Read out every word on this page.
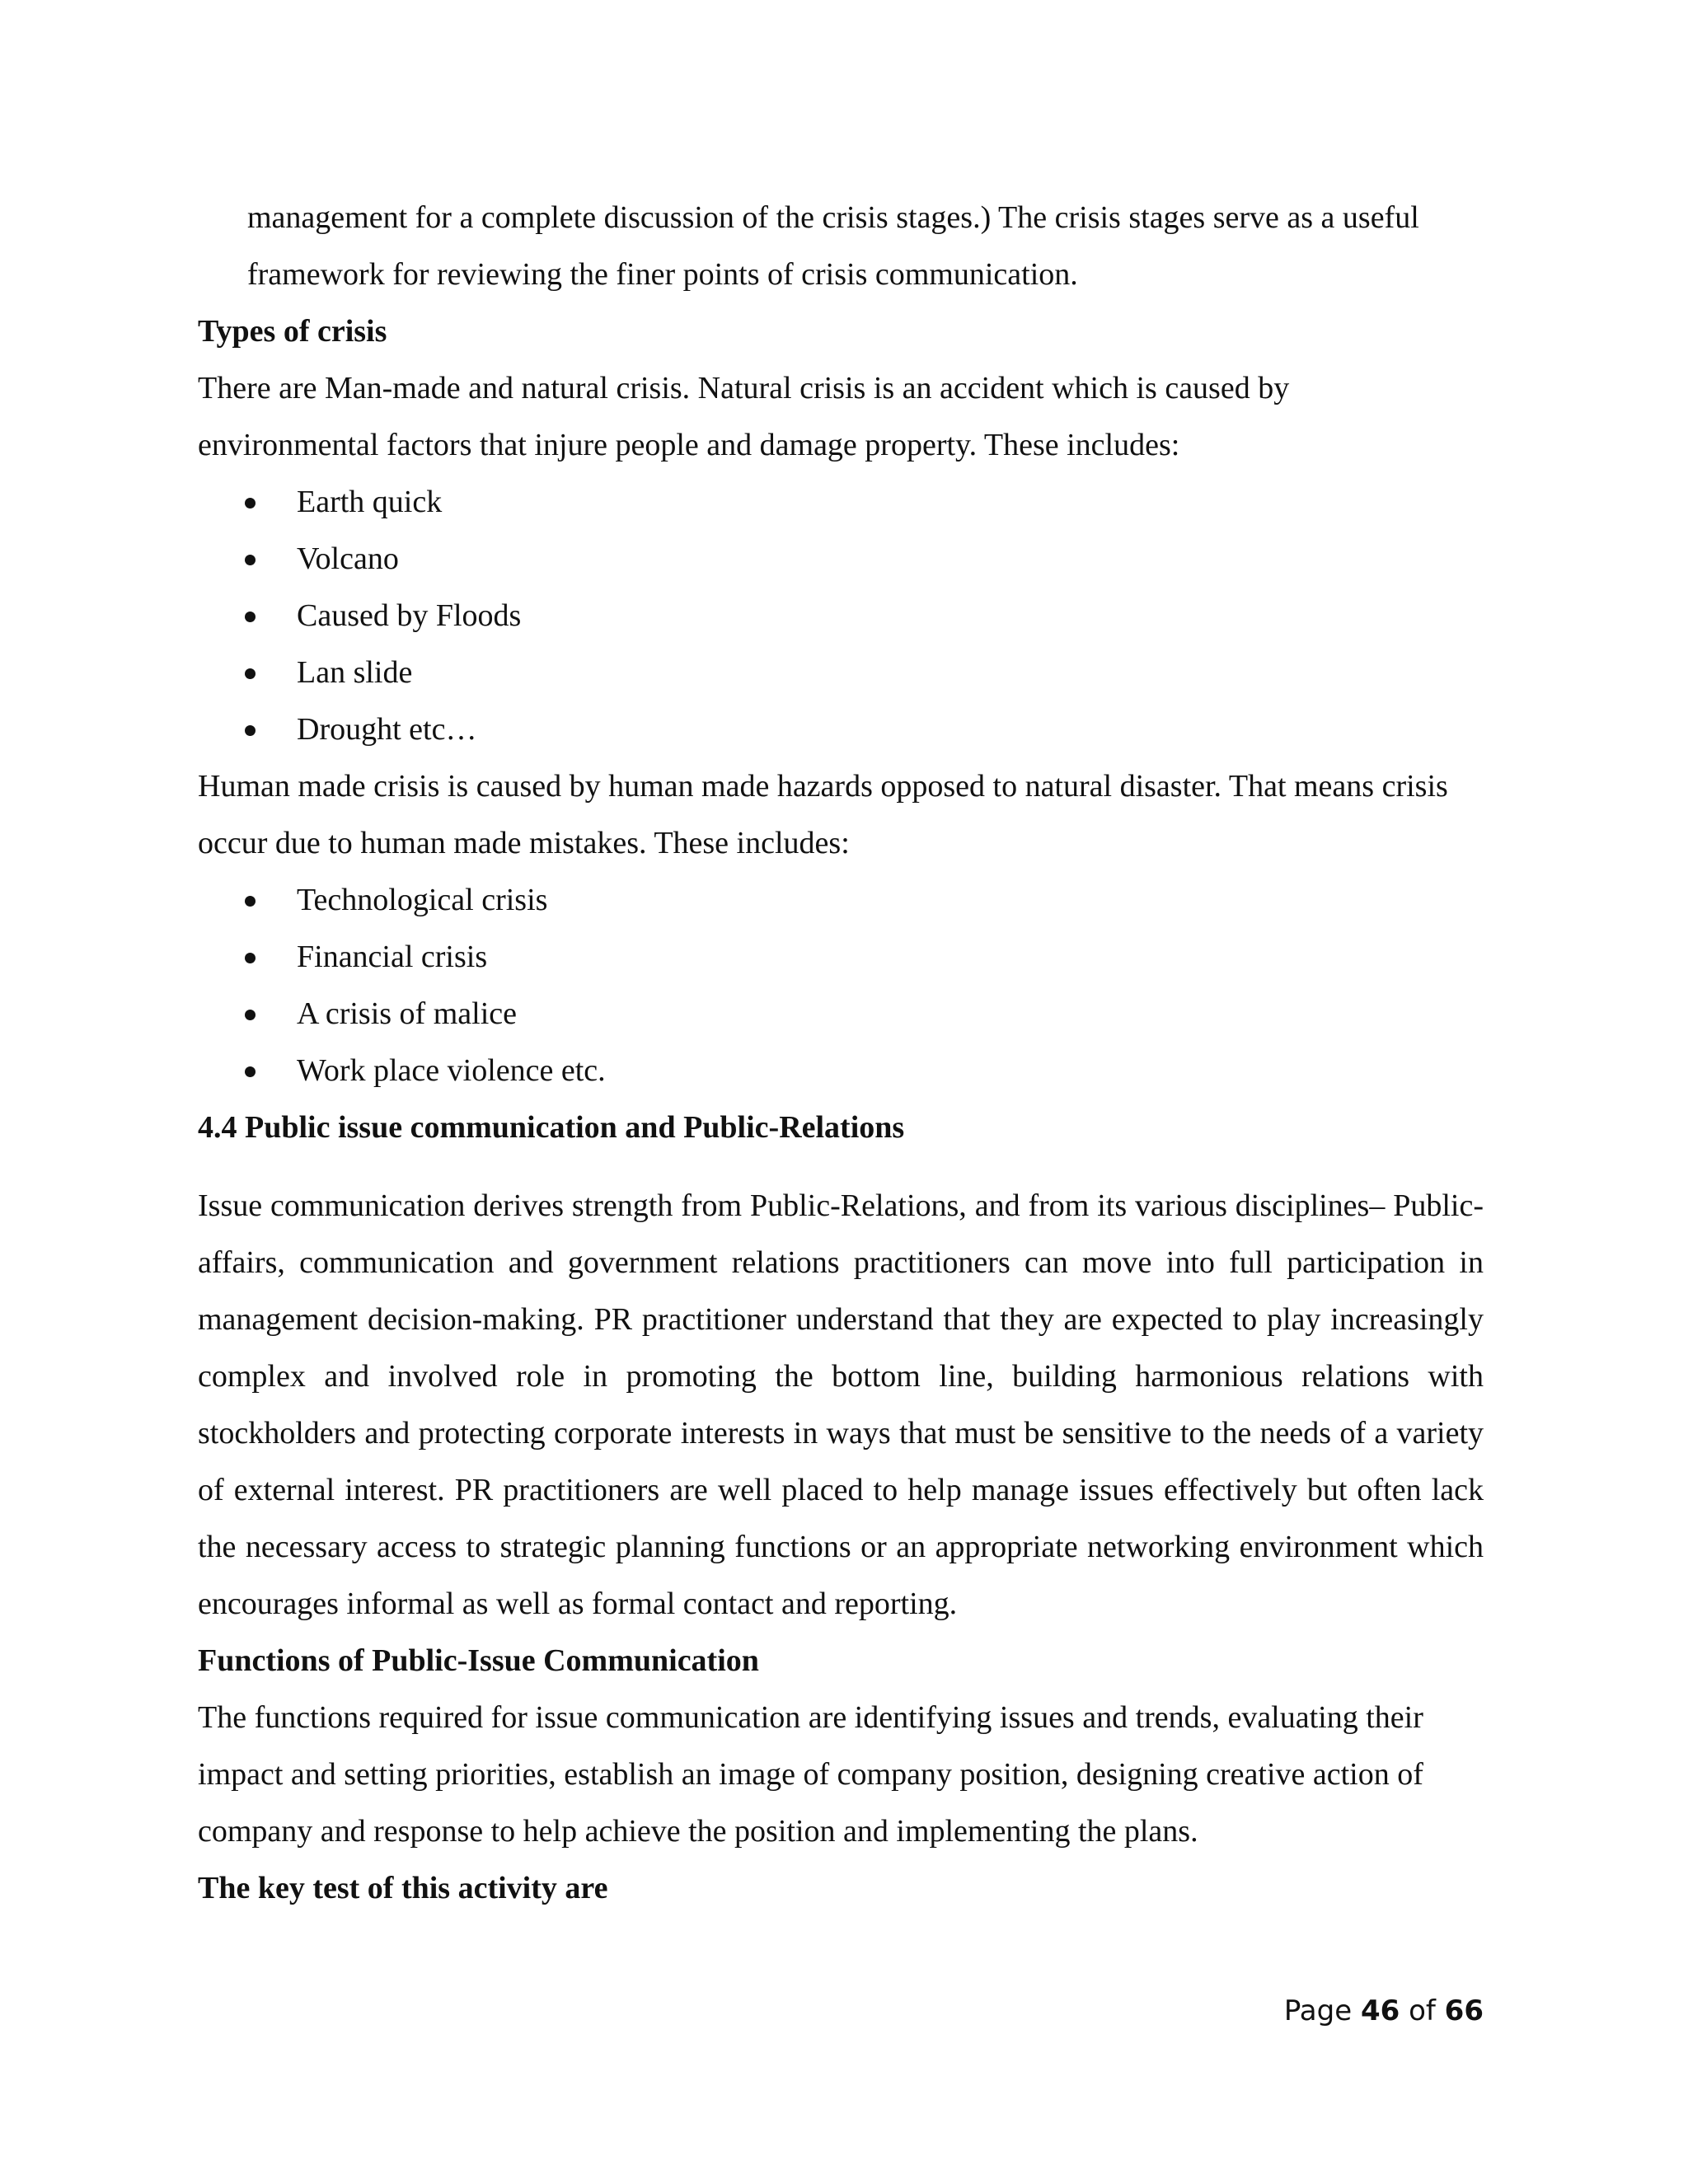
management for a complete discussion of the crisis stages.) The crisis stages serve as a useful
framework for reviewing the finer points of crisis communication.
Types of crisis

There are Man-made and natural crisis. Natural crisis is an accident which is caused by environmental factors that injure people and damage property. These includes:

Earth quick
Volcano
Caused by Floods
Lan slide
Drought etc…

Human made crisis is caused by human made hazards opposed to natural disaster. That means crisis occur due to human made mistakes. These includes:

Technological crisis
Financial crisis
A crisis of malice
Work place violence etc.
4.4 Public issue communication and Public-Relations

Issue communication derives strength from Public-Relations, and from its various disciplines– Public-affairs, communication and government relations practitioners can move into full participation in management decision-making. PR practitioner understand that they are expected to play increasingly complex and involved role in promoting the bottom line, building harmonious relations with stockholders and protecting corporate interests in ways that must be sensitive to the needs of a variety of external interest. PR practitioners are well placed to help manage issues effectively but often lack the necessary access to strategic planning functions or an appropriate networking environment which encourages informal as well as formal contact and reporting.

Functions of Public-Issue Communication

The functions required for issue communication are identifying issues and trends, evaluating their impact and setting priorities, establish an image of company position, designing creative action of company and response to help achieve the position and implementing the plans.

The key test of this activity are
Page 46 of 66
